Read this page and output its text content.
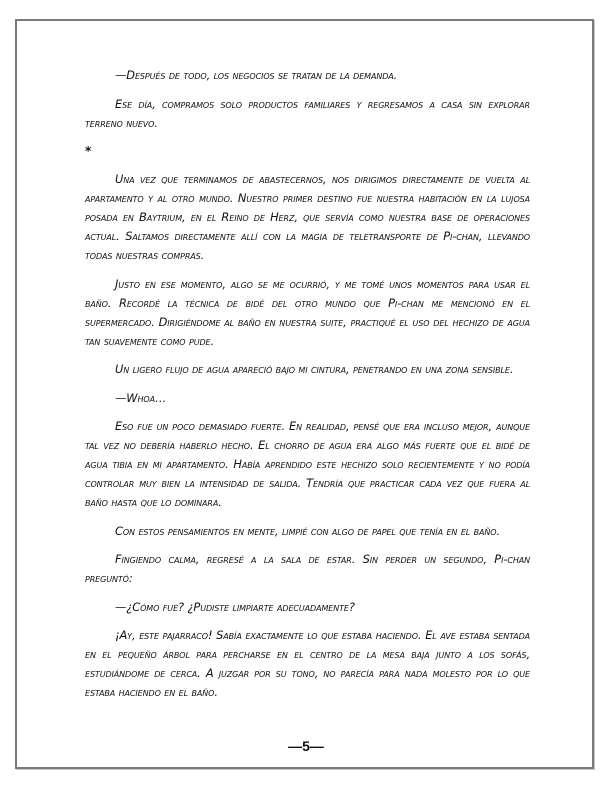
—Después de todo, los negocios se tratan de la demanda.

Ese día, compramos solo productos familiares y regresamos a casa sin explorar terreno nuevo.

*

Una vez que terminamos de abastecernos, nos dirigimos directamente de vuelta al apartamento y al otro mundo. Nuestro primer destino fue nuestra habitación en la lujosa posada en Baytrium, en el Reino de Herz, que servía como nuestra base de operaciones actual. Saltamos directamente allí con la magia de teletransporte de Pi-chan, llevando todas nuestras compras.

Justo en ese momento, algo se me ocurrió, y me tomé unos momentos para usar el baño. Recordé la técnica de bidé del otro mundo que Pi-chan me mencionó en el supermercado. Dirigiéndome al baño en nuestra suite, practiqué el uso del hechizo de agua tan suavemente como pude.

Un ligero flujo de agua apareció bajo mi cintura, penetrando en una zona sensible.

—Whoa…

Eso fue un poco demasiado fuerte. En realidad, pensé que era incluso mejor, aunque tal vez no debería haberlo hecho. El chorro de agua era algo más fuerte que el bidé de agua tibia en mi apartamento. Había aprendido este hechizo solo recientemente y no podía controlar muy bien la intensidad de salida. Tendría que practicar cada vez que fuera al baño hasta que lo dominara.

Con estos pensamientos en mente, limpié con algo de papel que tenía en el baño.

Fingiendo calma, regresé a la sala de estar. Sin perder un segundo, Pi-chan preguntó:

—¿Cómo fue? ¿Pudiste limpiarte adecuadamente?

¡Ay, este pajarraco! Sabía exactamente lo que estaba haciendo. El ave estaba sentada en el pequeño árbol para percharse en el centro de la mesa baja junto a los sofás, estudiándome de cerca. A juzgar por su tono, no parecía para nada molesto por lo que estaba haciendo en el baño.

—5—
